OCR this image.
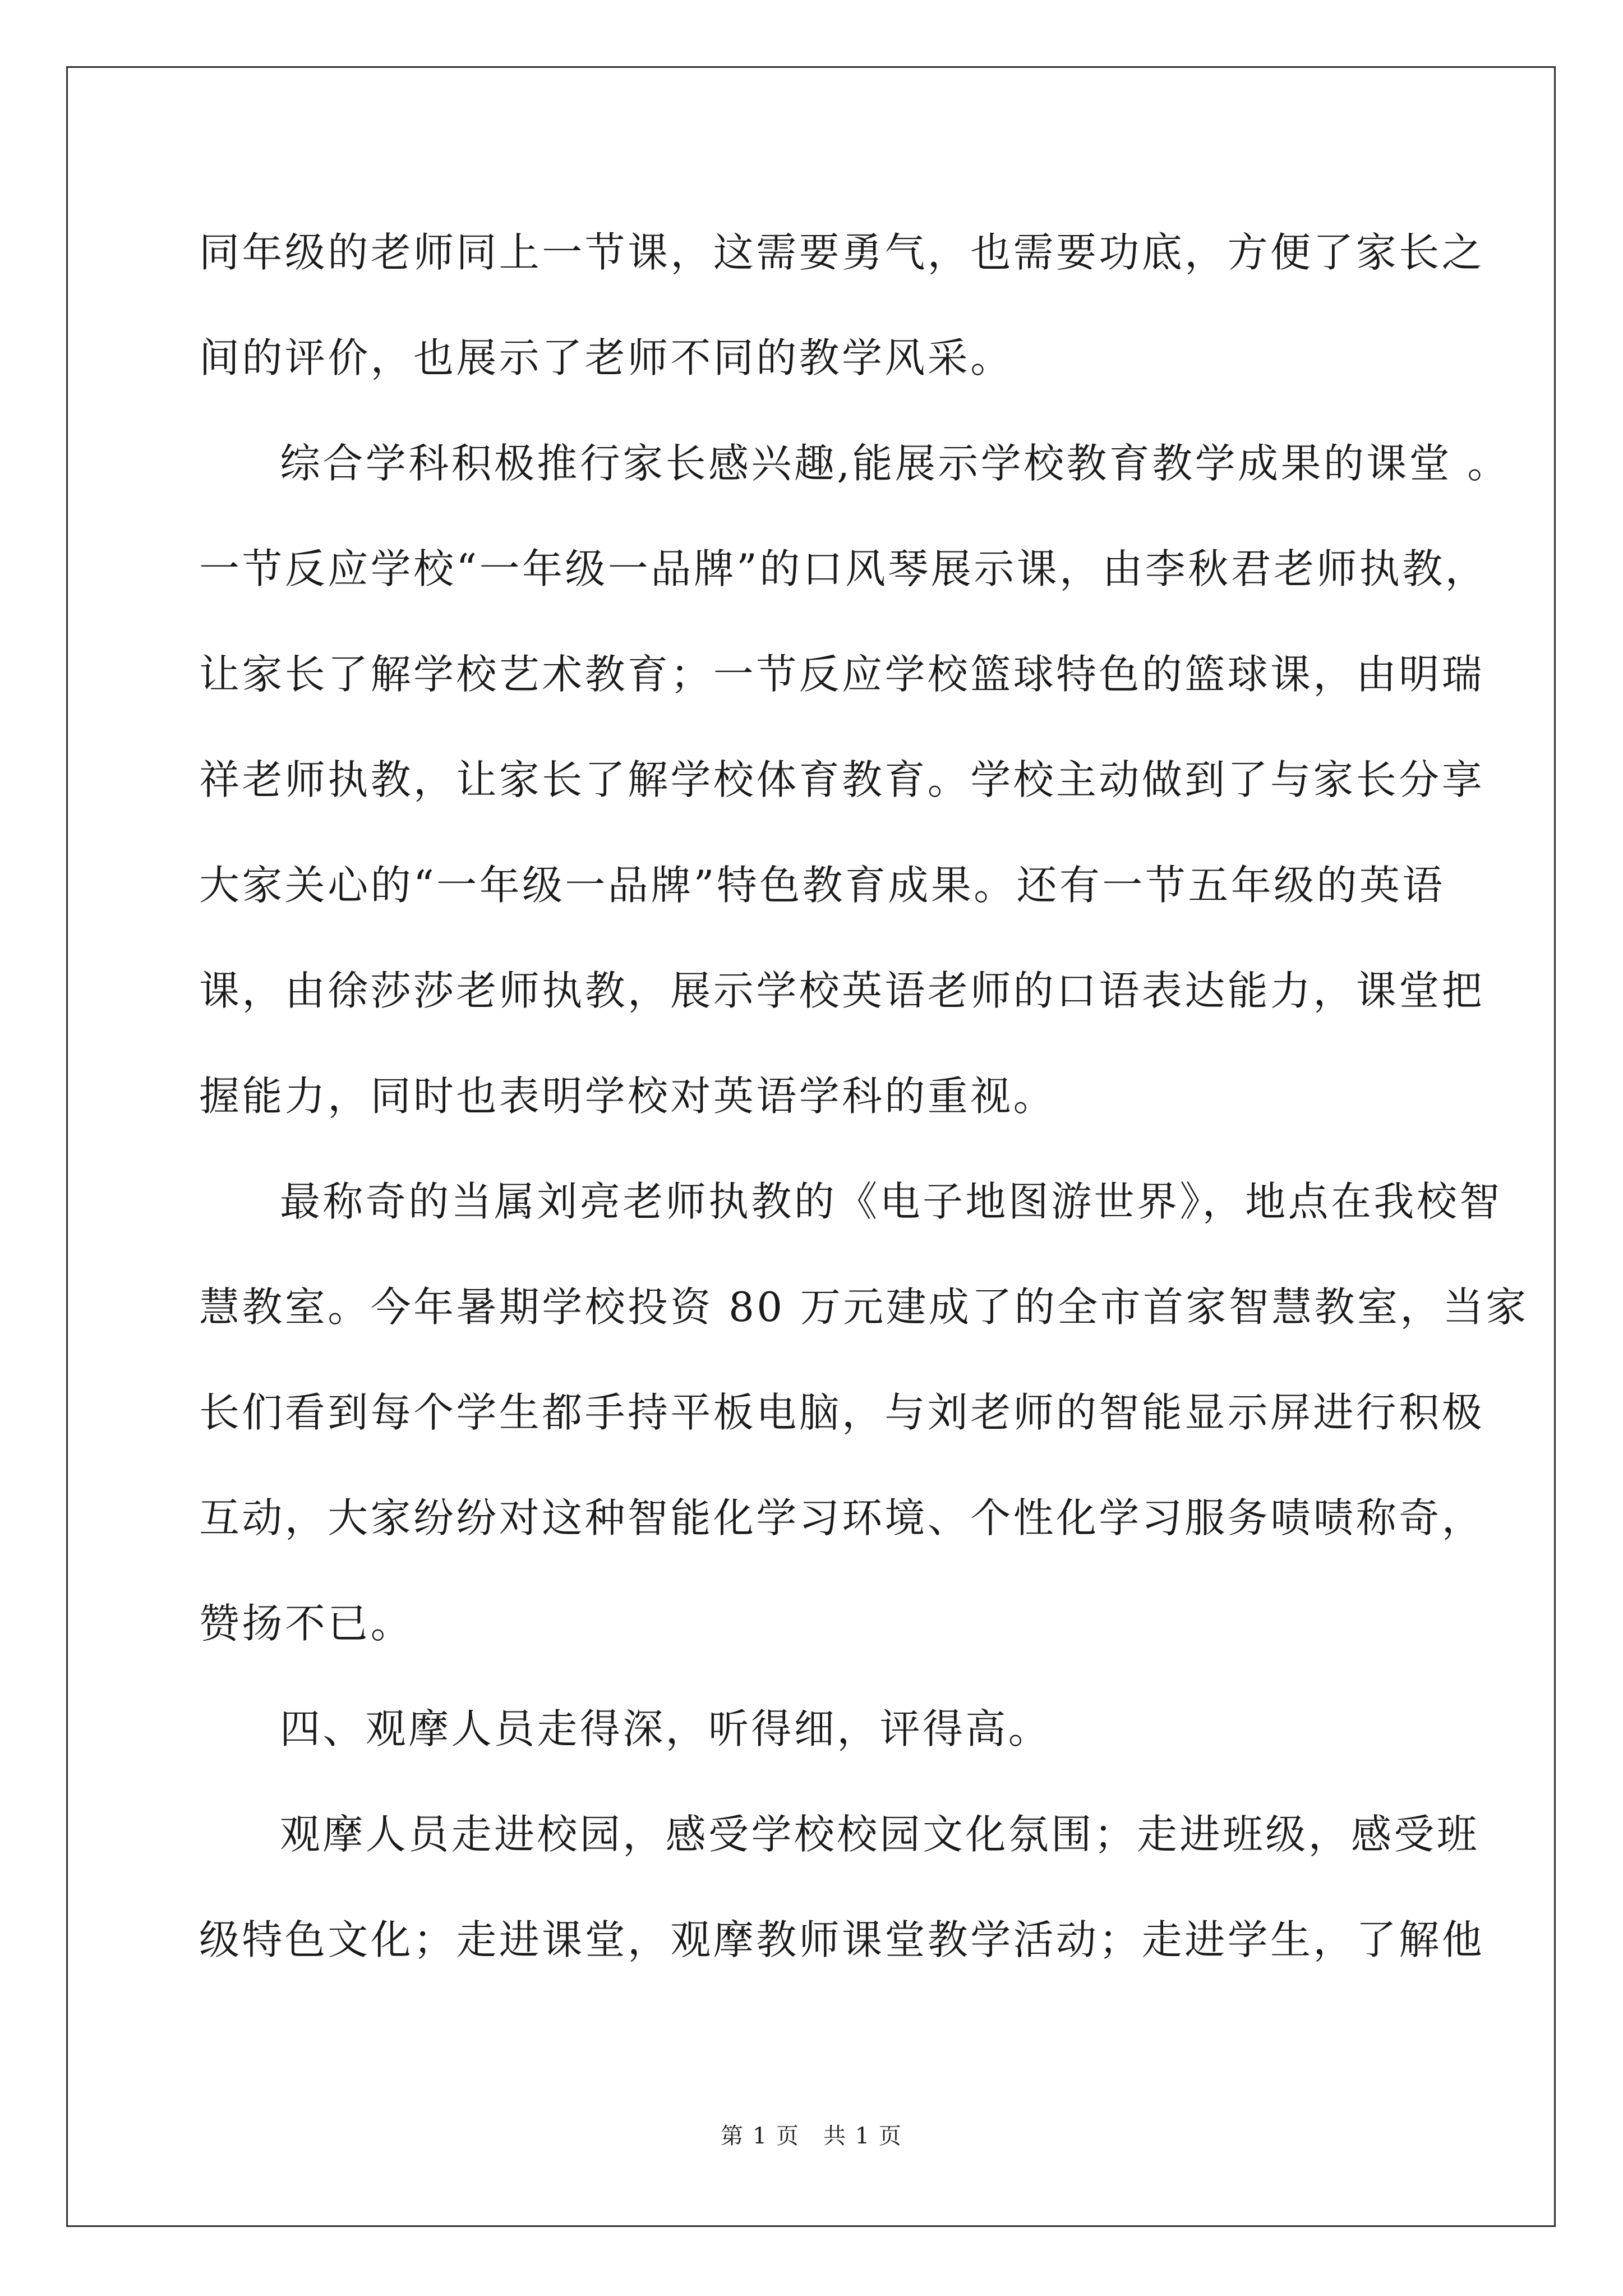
同年级的老师同上一节课，这需要勇气，也需要功底，方便了家长之
间的评价，也展示了老师不同的教学风采。
综合学科积极推行家长感兴趣,能展示学校教育教学成果的课堂 。
一节反应学校“一年级一品牌”的口风琴展示课，由李秋君老师执教，
让家长了解学校艺术教育；一节反应学校篮球特色的篮球课，由明瑞
祥老师执教，让家长了解学校体育教育。学校主动做到了与家长分享
大家关心的“一年级一品牌”特色教育成果。还有一节五年级的英语
课，由徐莎莎老师执教，展示学校英语老师的口语表达能力，课堂把
握能力，同时也表明学校对英语学科的重视。
最称奇的当属刘亮老师执教的《电子地图游世界》，地点在我校智
慧教室。今年暑期学校投资 80 万元建成了的全市首家智慧教室，当家
长们看到每个学生都手持平板电脑，与刘老师的智能显示屏进行积极
互动，大家纷纷对这种智能化学习环境、个性化学习服务啧啧称奇，
赞扬不已。
四、观摩人员走得深，听得细，评得高。
观摩人员走进校园，感受学校校园文化氛围；走进班级，感受班
级特色文化；走进课堂，观摩教师课堂教学活动；走进学生，了解他
第 1 页　共 1 页
